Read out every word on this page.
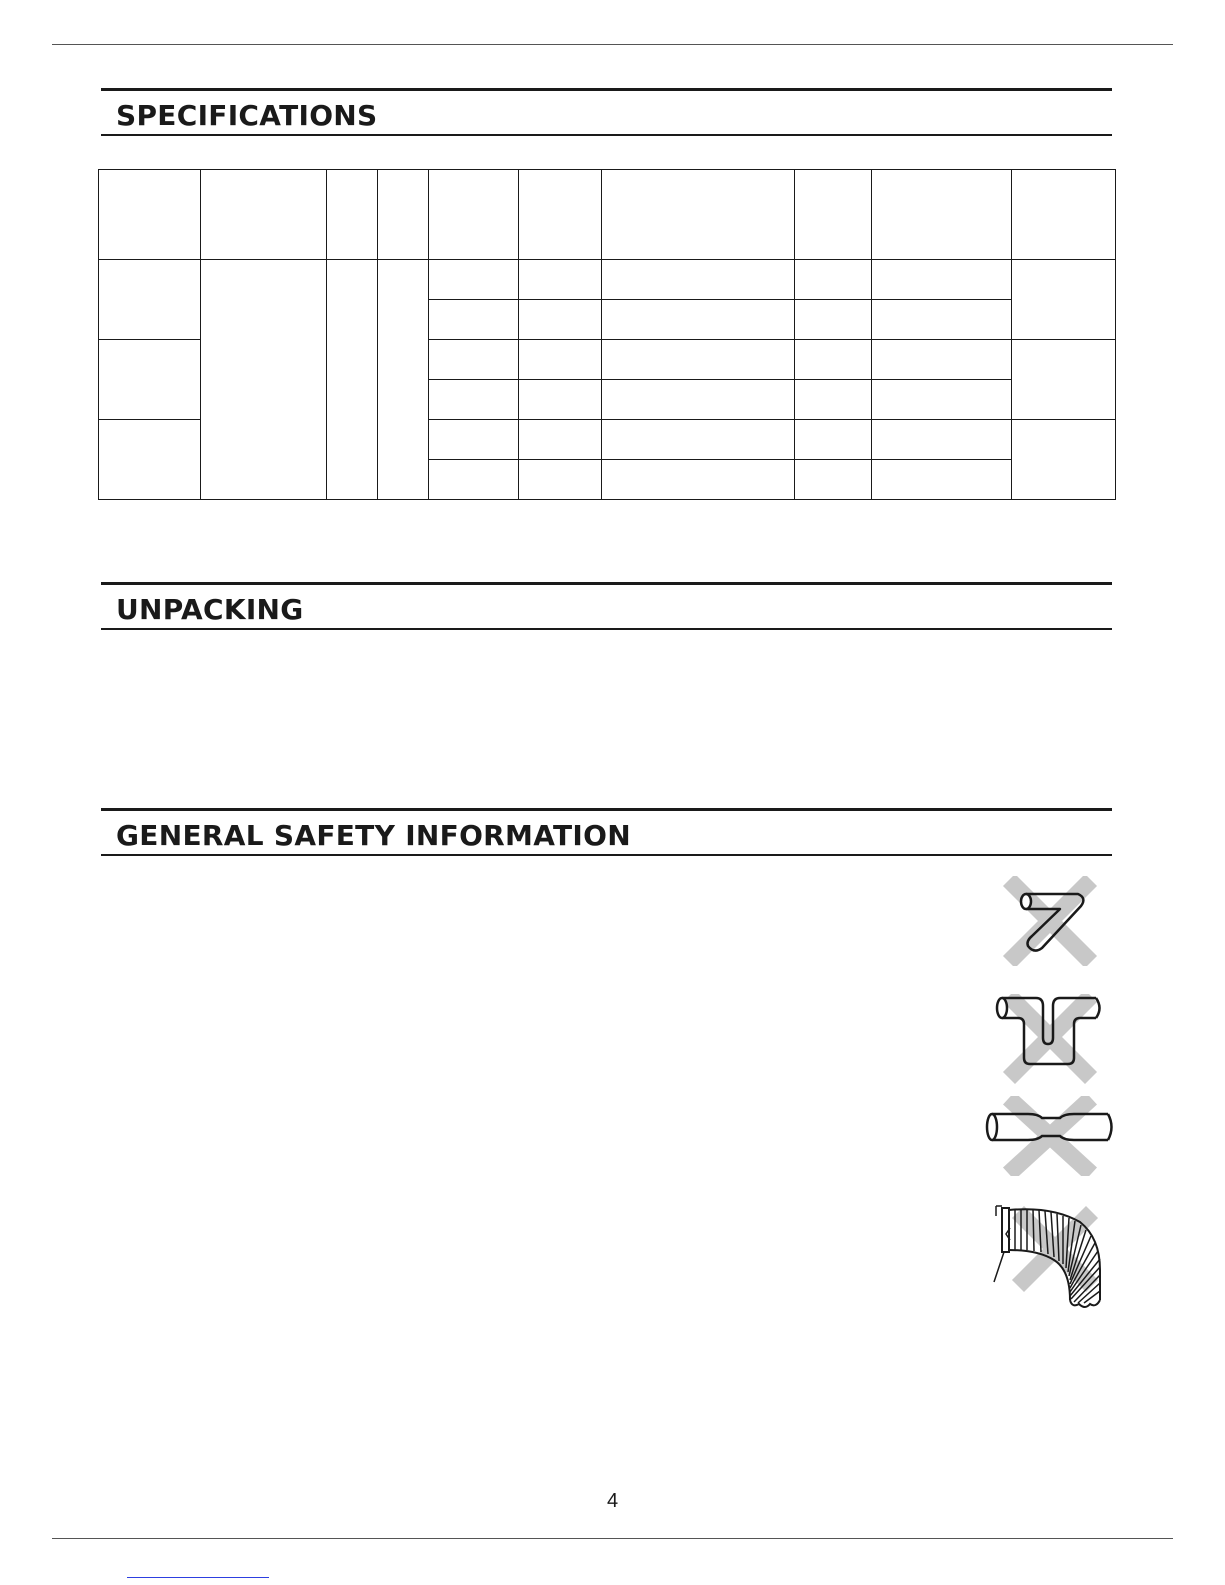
SPECIFICATIONS

UNPACKING
GENERAL SAFETY INFORMATION
4
